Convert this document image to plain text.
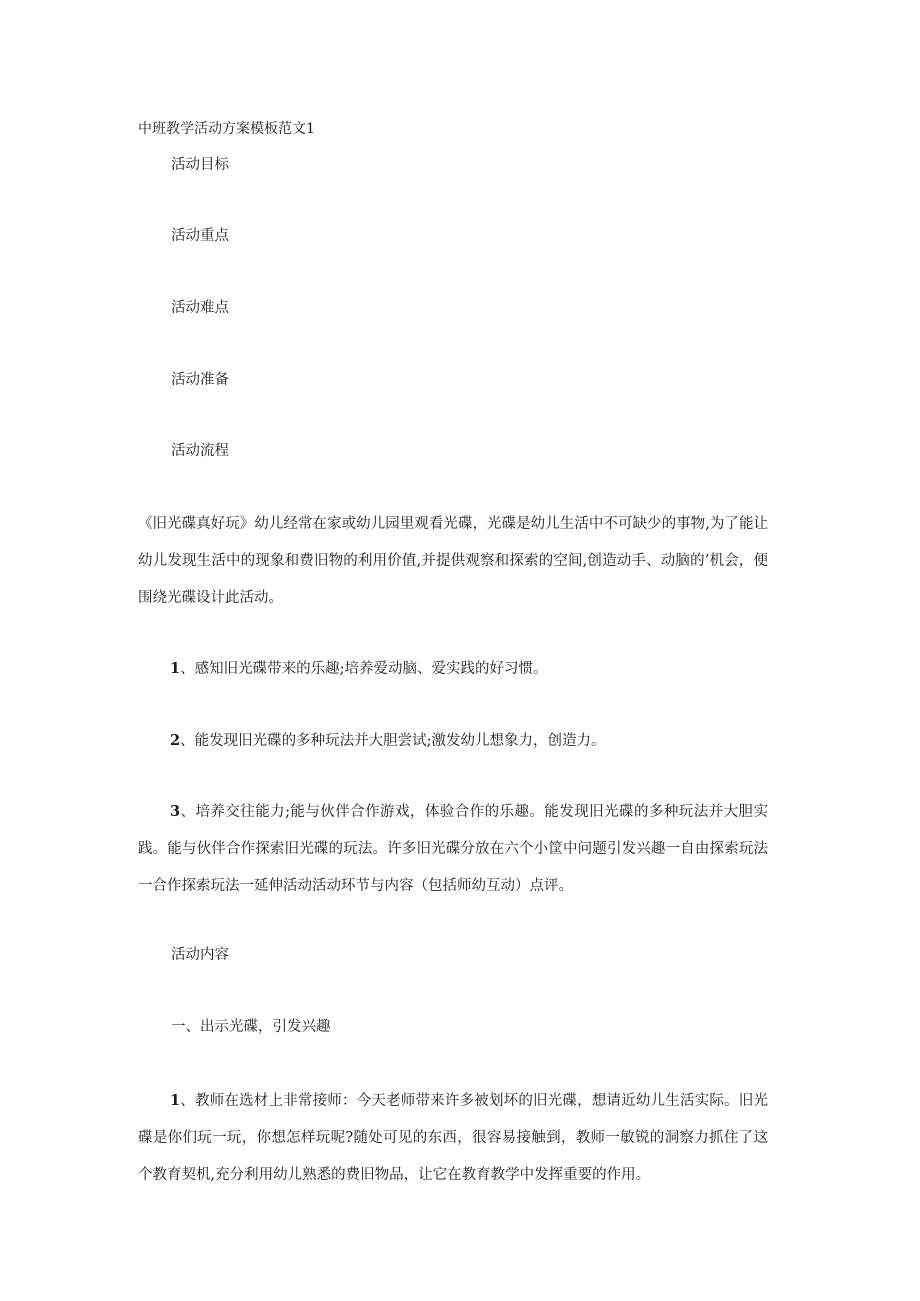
中班教学活动方案模板范文1
活动目标
活动重点
活动难点
活动准备
活动流程
《旧光碟真好玩》幼儿经常在家或幼儿园里观看光碟，光碟是幼儿生活中不可缺少的事物,为了能让幼儿发现生活中的现象和费旧物的利用价值,并提供观察和探索的空间,创造动手、动脑的’机会，便围绕光碟设计此活动。
1、感知旧光碟带来的乐趣;培养爱动脑、爱实践的好习惯。
2、能发现旧光碟的多种玩法并大胆尝试;激发幼儿想象力，创造力。
3、培养交往能力;能与伙伴合作游戏，体验合作的乐趣。能发现旧光碟的多种玩法并大胆实践。能与伙伴合作探索旧光碟的玩法。许多旧光碟分放在六个小筐中问题引发兴趣一自由探索玩法一合作探索玩法一延伸活动活动环节与内容（包括师幼互动）点评。
活动内容
一、出示光碟，引发兴趣
1、教师在选材上非常接师：今天老师带来许多被划坏的旧光碟，想请近幼儿生活实际。旧光碟是你们玩一玩，你想怎样玩呢?随处可见的东西，很容易接触到，教师一敏锐的洞察力抓住了这个教育契机,充分利用幼儿熟悉的费旧物品，让它在教育教学中发挥重要的作用。
